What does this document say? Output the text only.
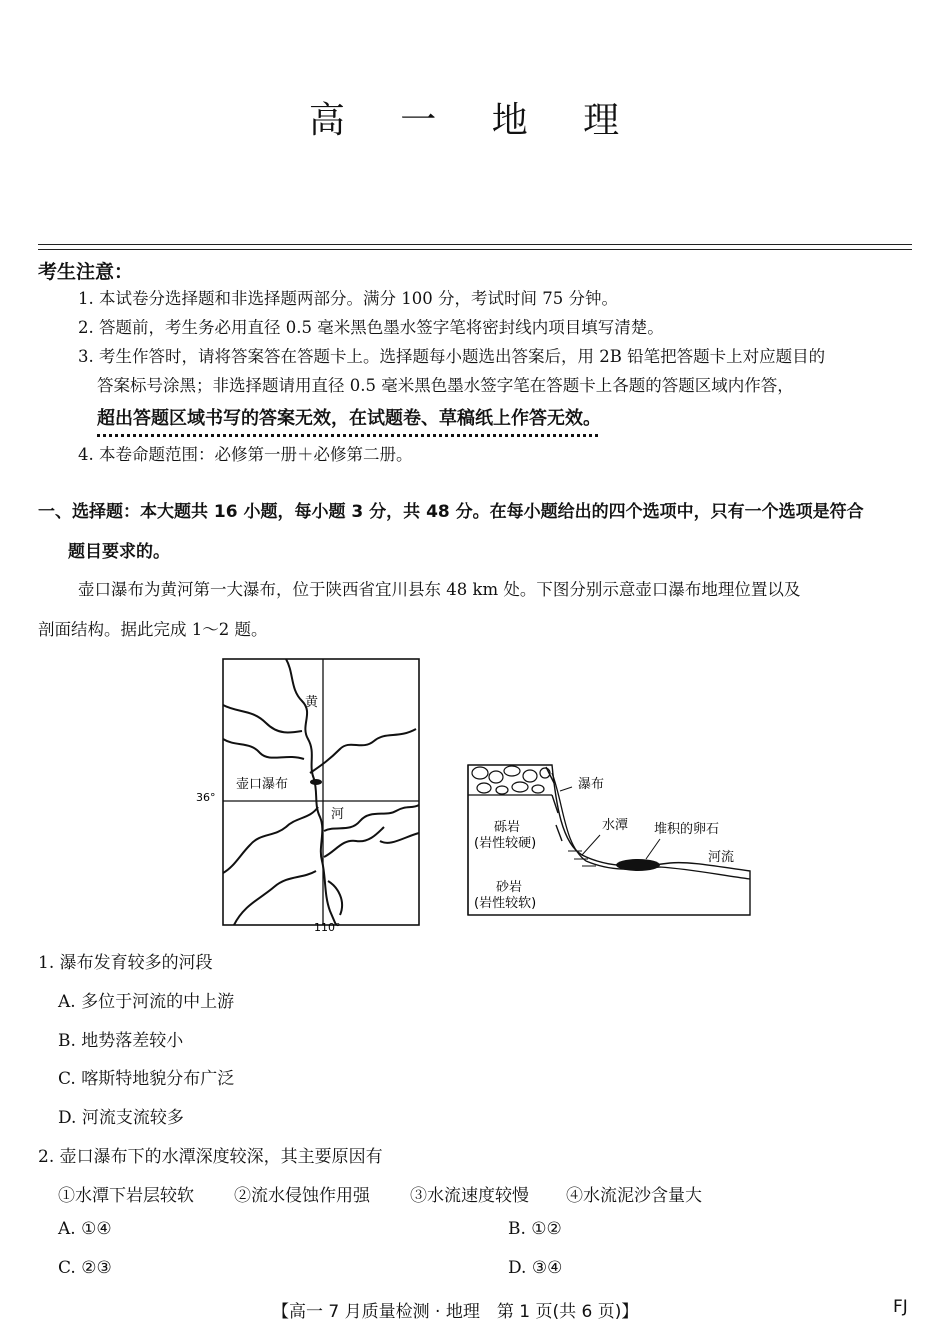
高 一 地 理
考生注意：
1. 本试卷分选择题和非选择题两部分。满分 100 分，考试时间 75 分钟。
2. 答题前，考生务必用直径 0.5 毫米黑色墨水签字笔将密封线内项目填写清楚。
3. 考生作答时，请将答案答在答题卡上。选择题每小题选出答案后，用 2B 铅笔把答题卡上对应题目的
答案标号涂黑；非选择题请用直径 0.5 毫米黑色墨水签字笔在答题卡上各题的答题区域内作答，
超出答题区域书写的答案无效，在试题卷、草稿纸上作答无效。
4. 本卷命题范围：必修第一册＋必修第二册。
一、选择题：本大题共 16 小题，每小题 3 分，共 48 分。在每小题给出的四个选项中，只有一个选项是符合
题目要求的。
壶口瀑布为黄河第一大瀑布，位于陕西省宜川县东 48 km 处。下图分别示意壶口瀑布地理位置以及
剖面结构。据此完成 1～2 题。
黄
河
壶口瀑布
36°
110°
瀑布
水潭 堆积的卵石
河流
砾岩
(岩性较硬)
砂岩
(岩性较软)
1. 瀑布发育较多的河段
A. 多位于河流的中上游
B. 地势落差较小
C. 喀斯特地貌分布广泛
D. 河流支流较多
2. 壶口瀑布下的水潭深度较深，其主要原因有
①水潭下岩层较软 ②流水侵蚀作用强 ③水流速度较慢 ④水流泥沙含量大
A. ①④	B. ①②
C. ②③	D. ③④
【高一 7 月质量检测 · 地理　第 1 页(共 6 页)】	FJ
